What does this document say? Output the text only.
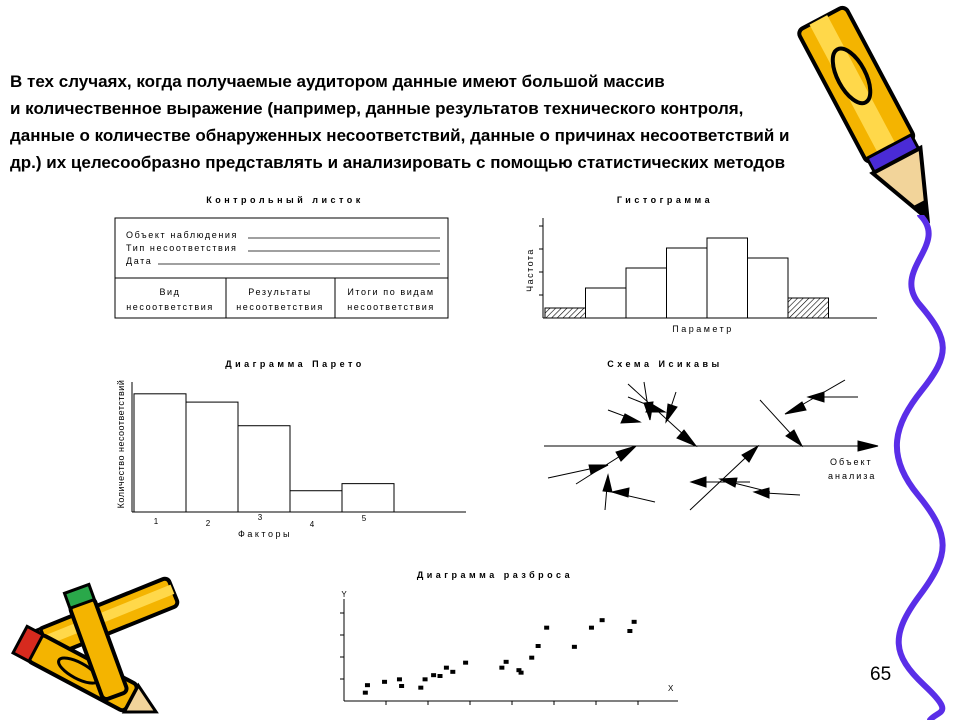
В тех случаях, когда получаемые аудитором данные имеют большой массив
и количественное выражение (например, данные результатов технического контроля,
данные о количестве обнаруженных несоответствий, данные о причинах несоответствий и
др.) их целесообразно представлять и анализировать с помощью статистических методов
Контрольный листок
Объект наблюдения
Тип несоответствия
Дата
Вид
несоответствия
Результаты
несоответствия
Итоги по видам
несоответствия
Гистограмма
Частота
Параметр
Диаграмма Парето
1	2
3
4
5
Количество несоответствий
Факторы
Схема Исикавы
Объект
анализа
Диаграмма разброса
Y
X
65
